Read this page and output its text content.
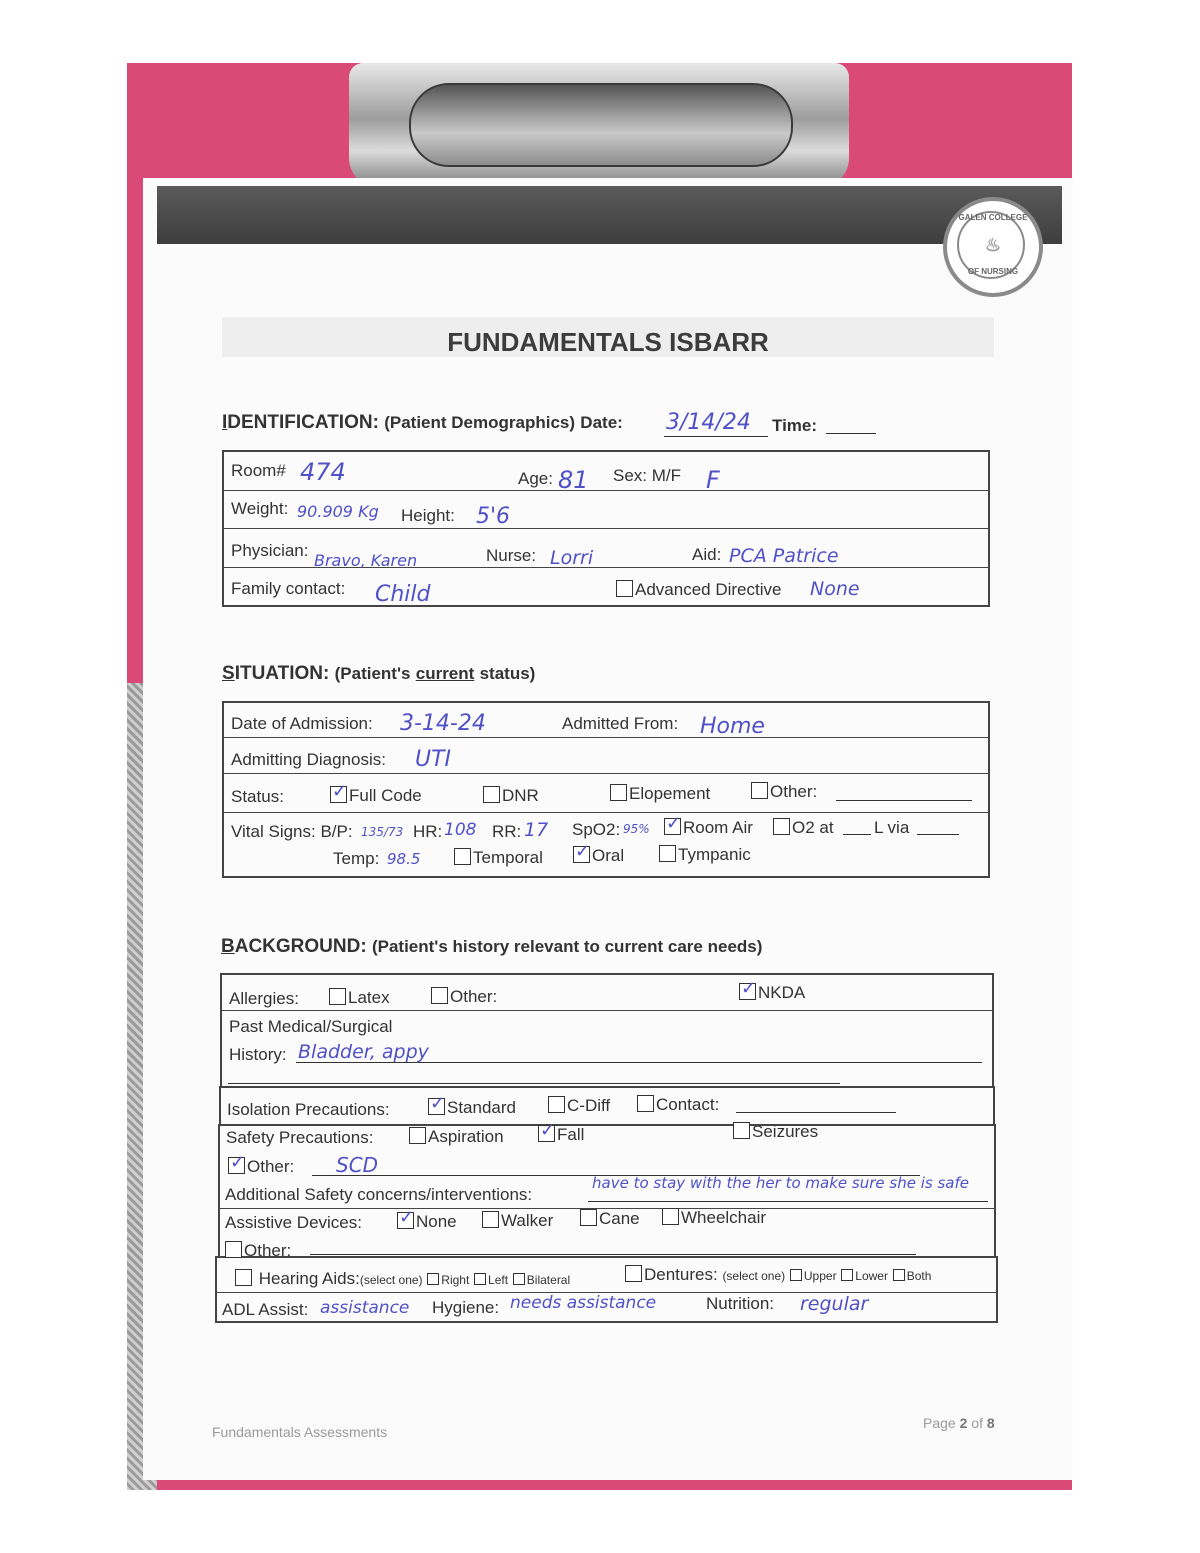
GALEN COLLEGE
♨
OF NURSING
FUNDAMENTALS ISBARR
IDENTIFICATION: (Patient Demographics) Date: 3/14/24 Time:
Room# 474	Age: 81 Sex: M/F F
Weight: 90.909 Kg Height: 5'6
Physician:
Bravo, Karen	Nurse: Lorri	Aid: PCA Patrice
Family contact: Child	Advanced Directive None
SITUATION: (Patient's current status)
Date of Admission: 3-14-24	Admitted From: Home
Admitting Diagnosis: UTI
Status: ✓	Full Code	DNR	Elopement	Other:
Vital Signs: B/P: 135/73 HR: 108 RR: 17 SpO2: 95% ✓	Room Air	O2 at L via
Temp: 98.5	Temporal ✓	Oral	Tympanic
BACKGROUND: (Patient's history relevant to current care needs)
Allergies:	Latex	Other: ✓	NKDA
Past Medical/Surgical
History: Bladder, appy
Isolation Precautions: ✓	Standard	C-Diff	Contact:
Safety Precautions:	Aspiration ✓	Fall	Seizures
✓Other: SCD
Additional Safety concerns/interventions:
have to stay with the her to make sure she is safe
Assistive Devices: ✓	None	Walker	Cane	Wheelchair
Other:
Hearing Aids:(select one) Right Left Bilateral	Dentures: (select one) Upper Lower Both
ADL Assist: assistance Hygiene: needs assistance	Nutrition: regular
Fundamentals Assessments
Page 2 of 8
